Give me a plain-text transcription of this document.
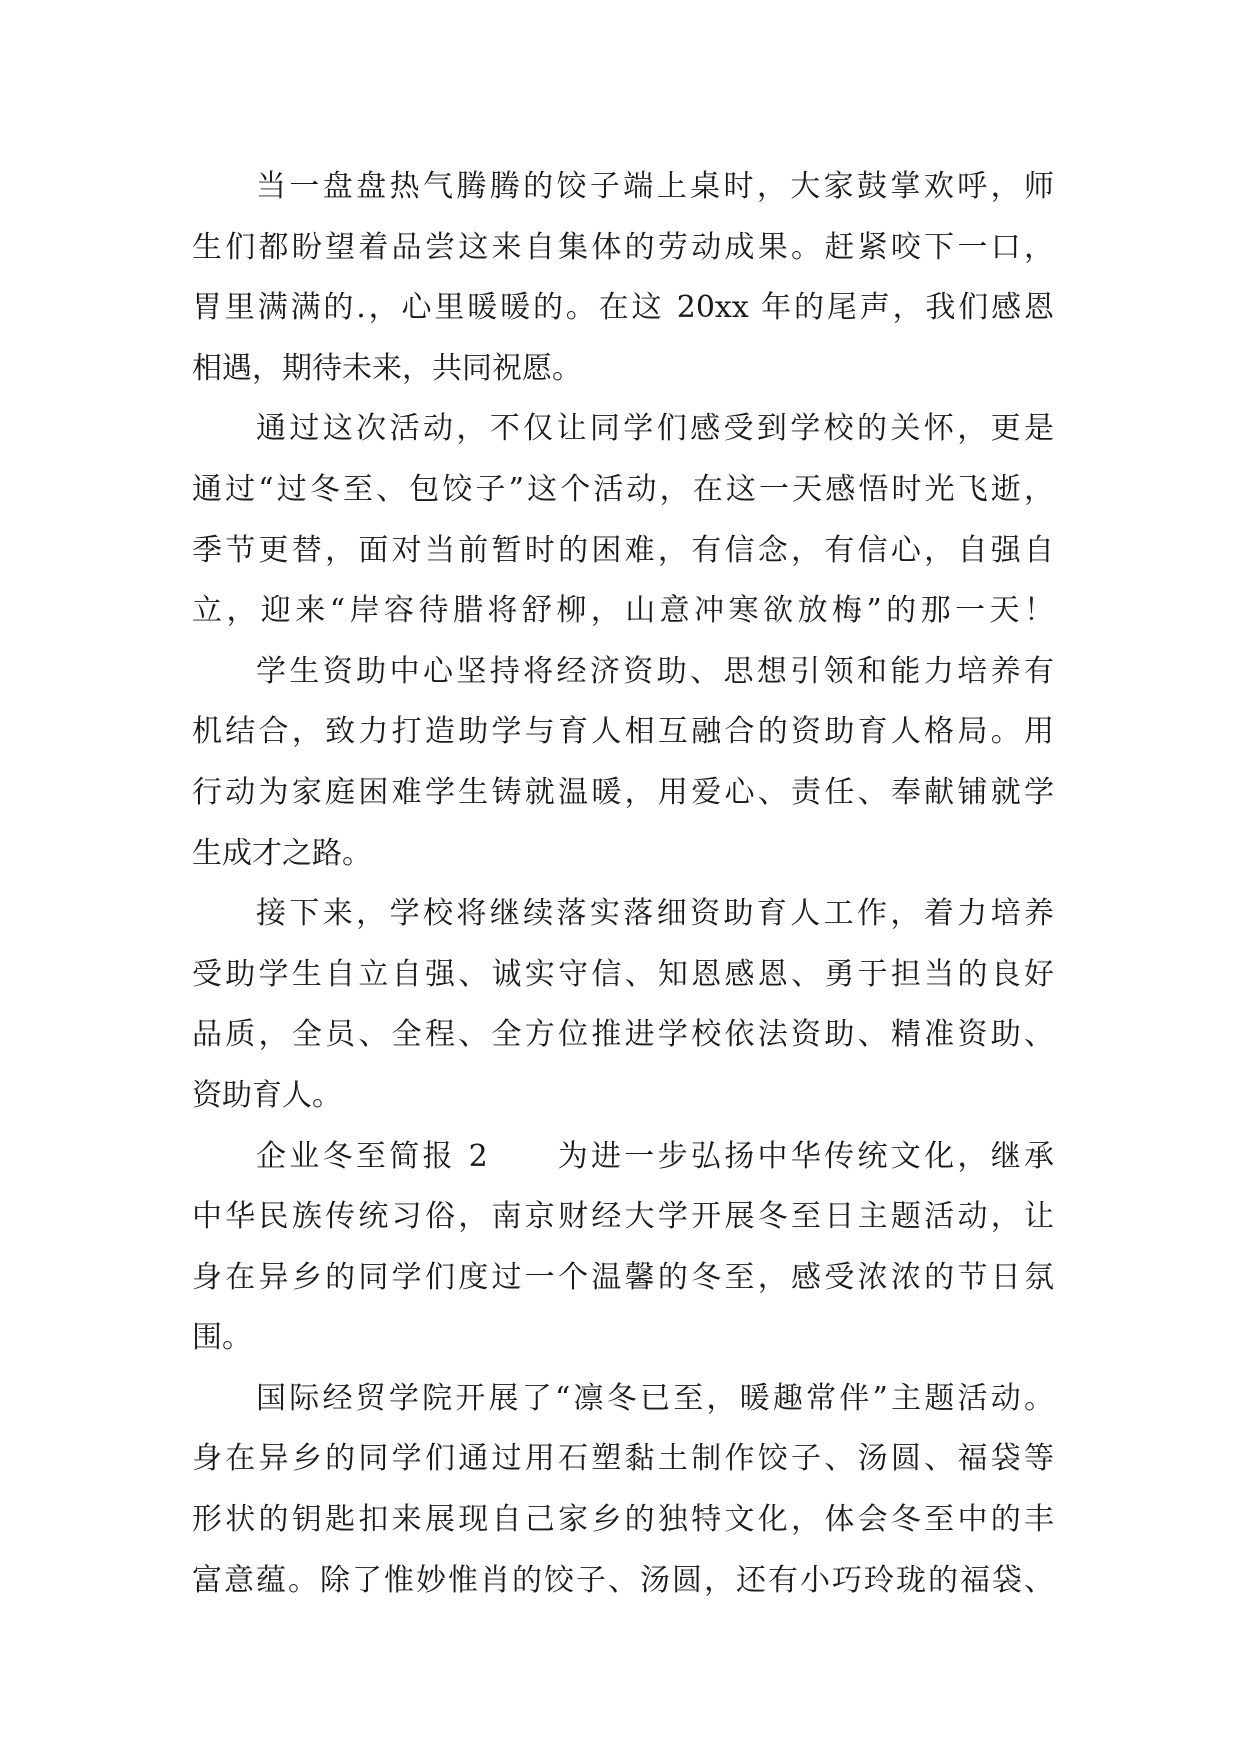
当一盘盘热气腾腾的饺子端上桌时，大家鼓掌欢呼，师
生们都盼望着品尝这来自集体的劳动成果。赶紧咬下一口，
胃里满满的.，心里暖暖的。在这 20xx 年的尾声，我们感恩
相遇，期待未来，共同祝愿。

通过这次活动，不仅让同学们感受到学校的关怀，更是
通过“过冬至、包饺子”这个活动，在这一天感悟时光飞逝，
季节更替，面对当前暂时的困难，有信念，有信心，自强自
立，迎来“岸容待腊将舒柳，山意冲寒欲放梅”的那一天！

学生资助中心坚持将经济资助、思想引领和能力培养有
机结合，致力打造助学与育人相互融合的资助育人格局。用
行动为家庭困难学生铸就温暖，用爱心、责任、奉献铺就学
生成才之路。

接下来，学校将继续落实落细资助育人工作，着力培养
受助学生自立自强、诚实守信、知恩感恩、勇于担当的良好
品质，全员、全程、全方位推进学校依法资助、精准资助、
资助育人。

企业冬至简报 2　　为进一步弘扬中华传统文化，继承
中华民族传统习俗，南京财经大学开展冬至日主题活动，让
身在异乡的同学们度过一个温馨的冬至，感受浓浓的节日氛
围。

国际经贸学院开展了“凛冬已至，暖趣常伴”主题活动。
身在异乡的同学们通过用石塑黏土制作饺子、汤圆、福袋等
形状的钥匙扣来展现自己家乡的独特文化，体会冬至中的丰
富意蕴。除了惟妙惟肖的饺子、汤圆，还有小巧玲珑的福袋、
